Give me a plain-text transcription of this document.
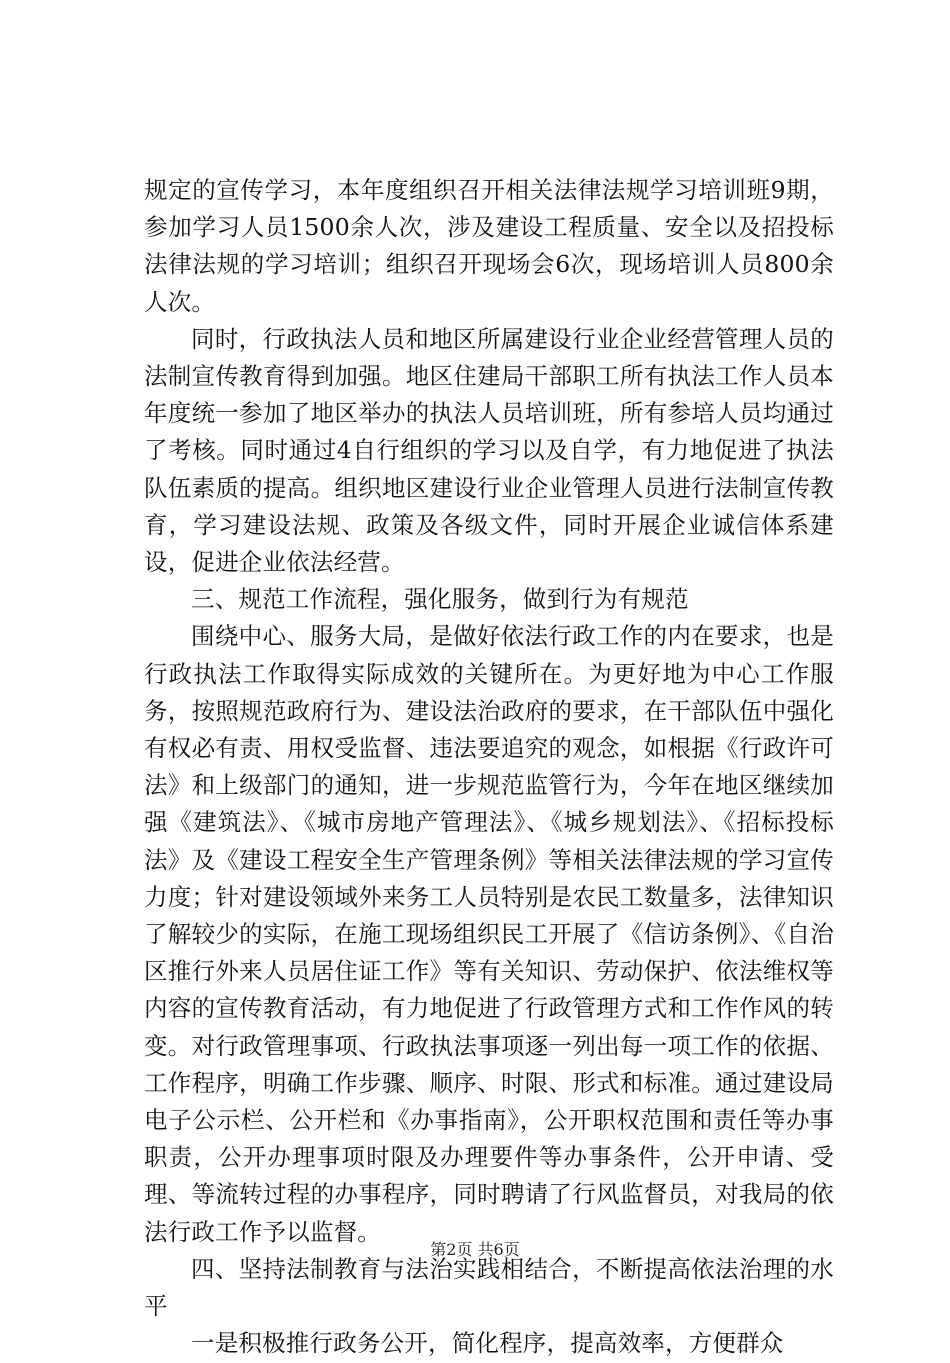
规定的宣传学习，本年度组织召开相关法律法规学习培训班9期，参加学习人员1500余人次，涉及建设工程质量、安全以及招投标法律法规的学习培训；组织召开现场会6次，现场培训人员800余人次。

同时，行政执法人员和地区所属建设行业企业经营管理人员的法制宣传教育得到加强。地区住建局干部职工所有执法工作人员本年度统一参加了地区举办的执法人员培训班，所有参培人员均通过了考核。同时通过4自行组织的学习以及自学，有力地促进了执法队伍素质的提高。组织地区建设行业企业管理人员进行法制宣传教育，学习建设法规、政策及各级文件，同时开展企业诚信体系建设，促进企业依法经营。

三、规范工作流程，强化服务，做到行为有规范

围绕中心、服务大局，是做好依法行政工作的内在要求，也是行政执法工作取得实际成效的关键所在。为更好地为中心工作服务，按照规范政府行为、建设法治政府的要求，在干部队伍中强化有权必有责、用权受监督、违法要追究的观念，如根据《行政许可法》和上级部门的通知，进一步规范监管行为，今年在地区继续加强《建筑法》、《城市房地产管理法》、《城乡规划法》、《招标投标法》及《建设工程安全生产管理条例》等相关法律法规的学习宣传力度；针对建设领域外来务工人员特别是农民工数量多，法律知识了解较少的实际，在施工现场组织民工开展了《信访条例》、《自治区推行外来人员居住证工作》等有关知识、劳动保护、依法维权等内容的宣传教育活动，有力地促进了行政管理方式和工作作风的转变。对行政管理事项、行政执法事项逐一列出每一项工作的依据、工作程序，明确工作步骤、顺序、时限、形式和标准。通过建设局电子公示栏、公开栏和《办事指南》，公开职权范围和责任等办事职责，公开办理事项时限及办理要件等办事条件，公开申请、受理、等流转过程的办事程序，同时聘请了行风监督员，对我局的依法行政工作予以监督。

四、坚持法制教育与法治实践相结合，不断提高依法治理的水平

一是积极推行政务公开，简化程序，提高效率，方便群众

第2页 共6页
